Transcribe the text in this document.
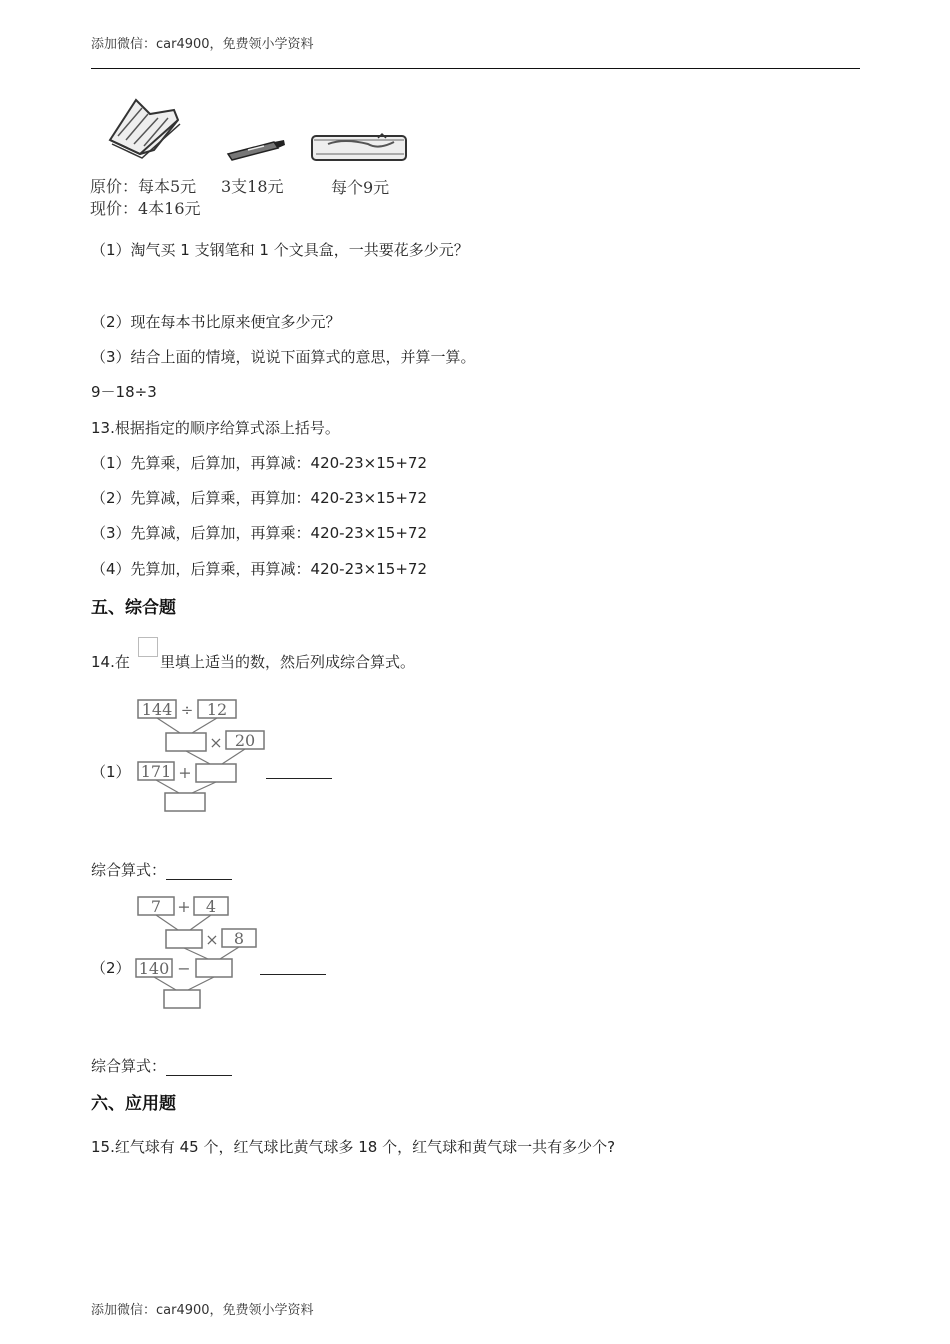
添加微信：car4900，免费领小学资料
原价：每本5元
现价：4本16元
3支18元	每个9元
（1）淘气买 1 支钢笔和 1 个文具盒，一共要花多少元？
（2）现在每本书比原来便宜多少元？
（3）结合上面的情境，说说下面算式的意思，并算一算。
9－18÷3
13.根据指定的顺序给算式添上括号。
（1）先算乘，后算加，再算减：420-23×15+72
（2）先算减，后算乘，再算加：420-23×15+72
（3）先算减，后算加，再算乘：420-23×15+72
（4）先算加，后算乘，再算减：420-23×15+72
五、综合题
14.在 里填上适当的数，然后列成综合算式。
144 ÷ 12
× 20
171 +
（1）
综合算式：
7 + 4
× 8
140 −
（2）
综合算式：
六、应用题
15.红气球有 45 个，红气球比黄气球多 18 个，红气球和黄气球一共有多少个?
添加微信：car4900，免费领小学资料
